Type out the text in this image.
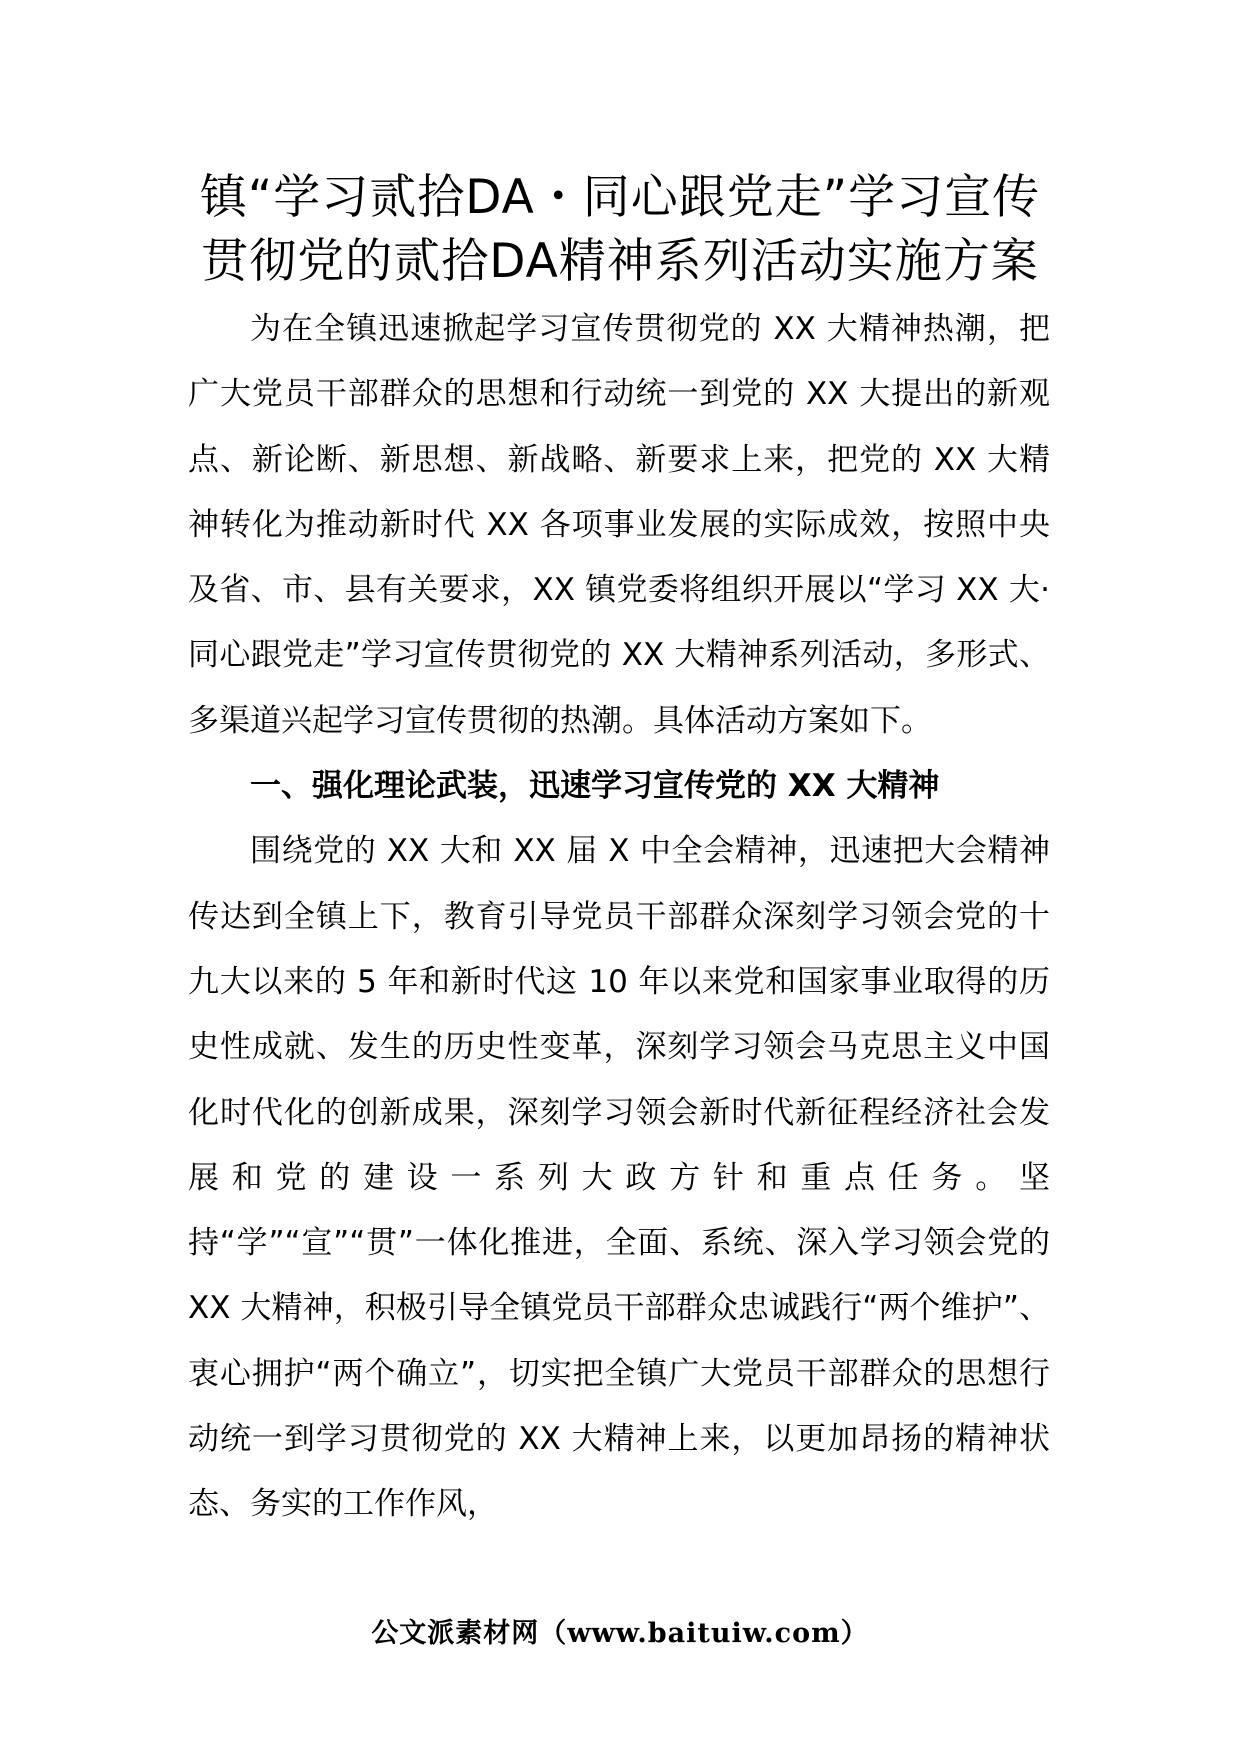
镇“学习贰拾DA・同心跟党走”学习宣传
贯彻党的贰拾DA精神系列活动实施方案

为在全镇迅速掀起学习宣传贯彻党的 XX 大精神热潮，把广大党员干部群众的思想和行动统一到党的 XX 大提出的新观点、新论断、新思想、新战略、新要求上来，把党的 XX 大精神转化为推动新时代 XX 各项事业发展的实际成效，按照中央及省、市、县有关要求，XX 镇党委将组织开展以“学习 XX 大·同心跟党走”学习宣传贯彻党的 XX 大精神系列活动，多形式、多渠道兴起学习宣传贯彻的热潮。具体活动方案如下。

一、强化理论武装，迅速学习宣传党的 XX 大精神

围绕党的 XX 大和 XX 届 X 中全会精神，迅速把大会精神传达到全镇上下，教育引导党员干部群众深刻学习领会党的十九大以来的 5 年和新时代这 10 年以来党和国家事业取得的历史性成就、发生的历史性变革，深刻学习领会马克思主义中国化时代化的创新成果，深刻学习领会新时代新征程经济社会发展和党的建设一系列大政方针和重点任务。坚持“学”“宣”“贯”一体化推进，全面、系统、深入学习领会党的 XX 大精神，积极引导全镇党员干部群众忠诚践行“两个维护”、衷心拥护“两个确立”，切实把全镇广大党员干部群众的思想行动统一到学习贯彻党的 XX 大精神上来，以更加昂扬的精神状态、务实的工作作风，

公文派素材网（www.baituiw.com）
